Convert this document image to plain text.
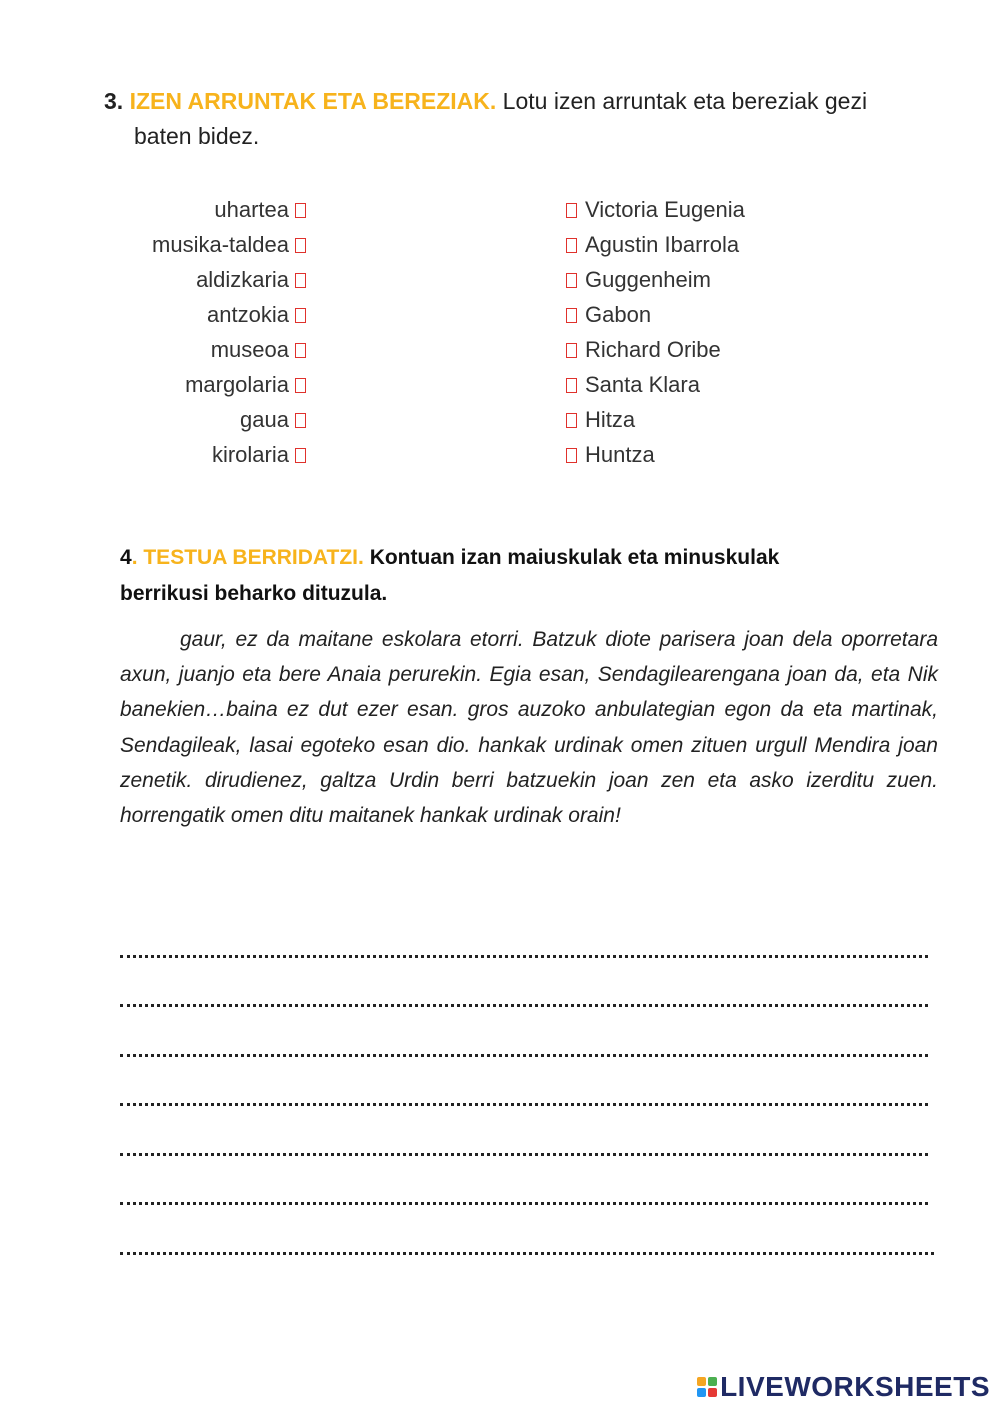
3. IZEN ARRUNTAK ETA BEREZIAK. Lotu izen arruntak eta bereziak gezi
baten bidez.
uhartea
musika-taldea
aldizkaria
antzokia
museoa
margolaria
gaua
kirolaria
Victoria Eugenia
Agustin Ibarrola
Guggenheim
Gabon
Richard Oribe
Santa Klara
Hitza
Huntza
4. TESTUA BERRIDATZI. Kontuan izan maiuskulak eta minuskulak
berrikusi beharko dituzula.
gaur, ez da maitane eskolara etorri. Batzuk diote parisera joan dela oporretara axun, juanjo eta bere Anaia perurekin. Egia esan, Sendagilearengana joan da, eta Nik banekien…baina ez dut ezer esan. gros auzoko anbulategian egon da eta martinak, Sendagileak, lasai egoteko esan dio. hankak urdinak omen zituen urgull Mendira joan zenetik. dirudienez, galtza Urdin berri batzuekin joan zen eta asko izerditu zuen. horrengatik omen ditu maitanek hankak urdinak orain!
LIVEWORKSHEETS
